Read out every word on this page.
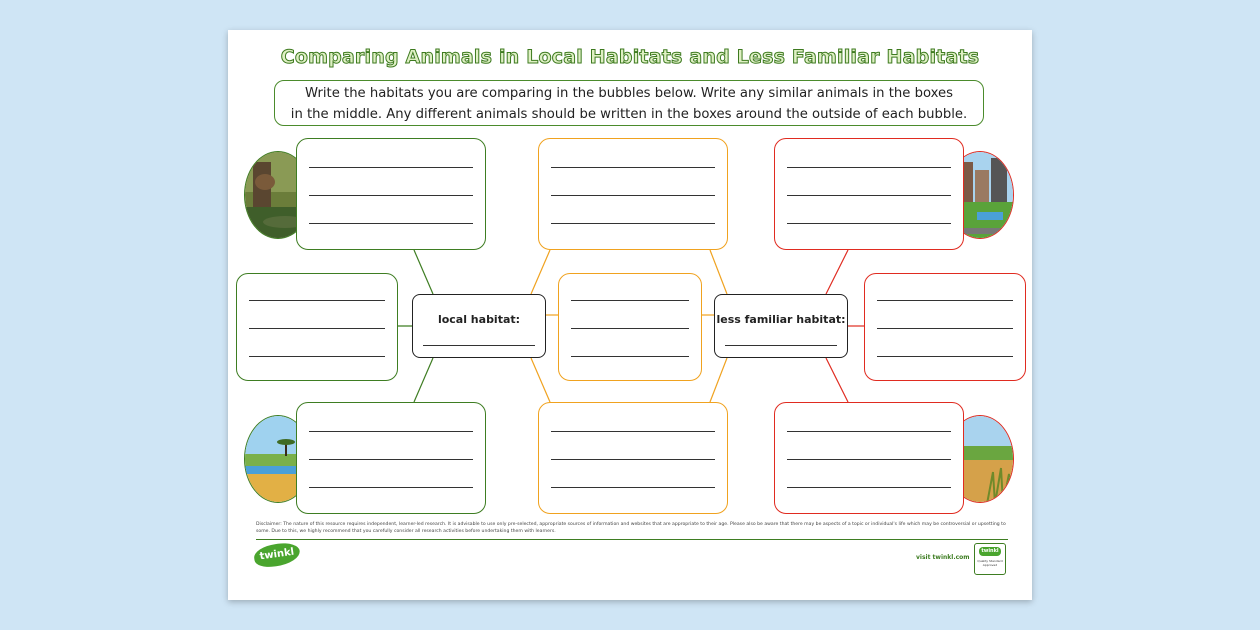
Comparing Animals in Local Habitats and Less Familiar Habitats
Write the habitats you are comparing in the bubbles below. Write any similar animals in the boxes
in the middle. Any different animals should be written in the boxes around the outside of each bubble.
local habitat:	less familiar habitat:
Disclaimer: The nature of this resource requires independent, learner-led research. It is advisable to use only pre-selected, appropriate sources of information and websites that are appropriate to their age. Please also be aware that there may be aspects of a topic or individual's life which may be controversial or upsetting to some. Due to this, we highly recommend that you carefully consider all research activities before undertaking them with learners.
twinkl	visit twinkl.com
twinkl
Quality Standard Approved
